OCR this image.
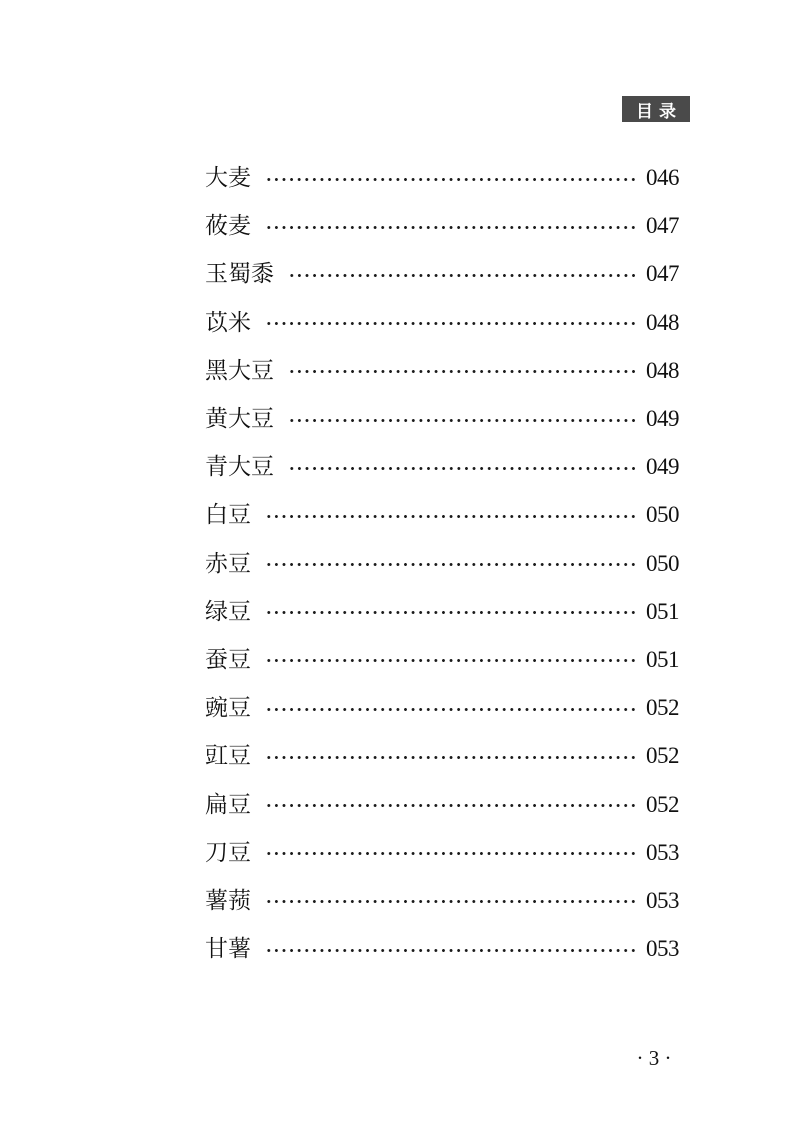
目录
大麦	046
莜麦	047
玉蜀黍	047
苡米	048
黑大豆	048
黄大豆	049
青大豆	049
白豆	050
赤豆	050
绿豆	051
蚕豆	051
豌豆	052
豇豆	052
扁豆	052
刀豆	053
薯蓣	053
甘薯	053
· 3 ·
